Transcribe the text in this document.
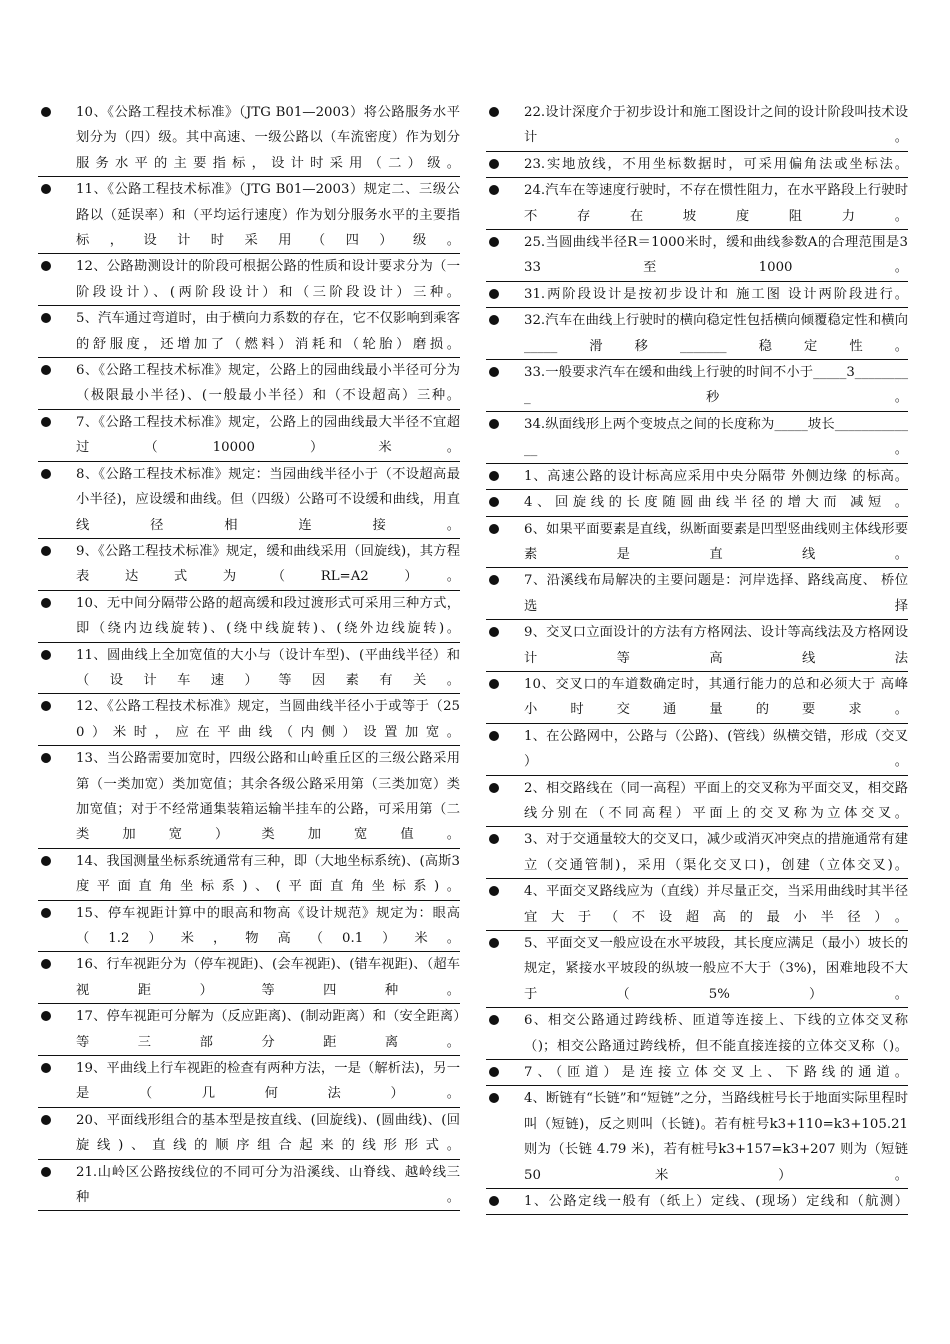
10、《公路工程技术标准》（JTG B01—2003）将公路服务水平划分为（四）级。其中高速、一级公路以（车流密度）作为划分服务水平的主要指标，设计时采用（二）级。
11、《公路工程技术标准》（JTG B01—2003）规定二、三级公路以（延误率）和（平均运行速度）作为划分服务水平的主要指标，设计时采用（四）级。
12、公路勘测设计的阶段可根据公路的性质和设计要求分为（一阶段设计）、(两阶段设计）和（三阶段设计）三种。
5、汽车通过弯道时，由于横向力系数的存在，它不仅影响到乘客的舒服度，还增加了（燃料）消耗和（轮胎）磨损。
6、《公路工程技术标准》规定，公路上的园曲线最小半径可分为（极限最小半径)、(一般最小半径）和（不设超高）三种。
7、《公路工程技术标准》规定，公路上的园曲线最大半径不宜超过（10000）米。
8、《公路工程技术标准》规定：当园曲线半径小于（不设超高最小半径)，应设缓和曲线。但（四级）公路可不设缓和曲线，用直线径相连接。
9、《公路工程技术标准》规定，缓和曲线采用（回旋线)，其方程表达式为（RL=A2）。
10、无中间分隔带公路的超高缓和段过渡形式可采用三种方式，即（绕内边线旋转)、(绕中线旋转)、(绕外边线旋转)。
11、圆曲线上全加宽值的大小与（设计车型)、(平曲线半径）和（设计车速）等因素有关。
12、《公路工程技术标准》规定，当圆曲线半径小于或等于（250）米时，应在平曲线（内侧）设置加宽。
13、当公路需要加宽时，四级公路和山岭重丘区的三级公路采用第（一类加宽）类加宽值；其余各级公路采用第（三类加宽）类加宽值；对于不经常通集装箱运输半挂车的公路，可采用第（二类加宽）类加宽值。
14、我国测量坐标系统通常有三种，即（大地坐标系统)、(高斯3度平面直角坐标系)、(平面直角坐标系)。
15、停车视距计算中的眼高和物高《设计规范》规定为：眼高（1.2）米，物高（0.1）米。
16、行车视距分为（停车视距)、(会车视距)、(错车视距)、（超车视距）等四种。
17、停车视距可分解为（反应距离)、(制动距离）和（安全距离）等三部分距离。
19、平曲线上行车视距的检查有两种方法，一是（解析法)，另一是（几何法）。
20、平面线形组合的基本型是按直线、(回旋线)、(圆曲线)、(回旋线)、直线的顺序组合起来的线形形式。
21.山岭区公路按线位的不同可分为沿溪线、山脊线、越岭线三种。
22.设计深度介于初步设计和施工图设计之间的设计阶段叫技术设计。
23.实地放线，不用坐标数据时，可采用偏角法或坐标法。
24.汽车在等速度行驶时，不存在惯性阻力，在水平路段上行驶时不存在坡度阻力。
25.当圆曲线半径R＝1000米时，缓和曲线参数A的合理范围是333至1000。
31.两阶段设计是按初步设计和 施工图 设计两阶段进行。
32.汽车在曲线上行驶时的横向稳定性包括横向倾覆稳定性和横向_____滑移_______稳定性。
33.一般要求汽车在缓和曲线上行驶的时间不小于_____3_________秒。
34.纵面线形上两个变坡点之间的长度称为_____坡长_____________。
1、高速公路的设计标高应采用中央分隔带 外侧边缘 的标高。
4、回旋线的长度随圆曲线半径的增大而 减短 。
6、如果平面要素是直线，纵断面要素是凹型竖曲线则主体线形要素是直线。
7、沿溪线布局解决的主要问题是：河岸选择、路线高度、 桥位选择
9、交叉口立面设计的方法有方格网法、设计等高线法及方格网设计等高线法
10、交叉口的车道数确定时，其通行能力的总和必须大于 高峰 小时交通量的要求。
1、在公路网中，公路与（公路)、(管线）纵横交错，形成（交叉 ）。
2、相交路线在（同一高程）平面上的交叉称为平面交叉，相交路线分别在（不同高程）平面上的交叉称为立体交叉。
3、对于交通量较大的交叉口，减少或消灭冲突点的措施通常有建立（交通管制)，采用（渠化交叉口)，创建（立体交叉)。
4、平面交叉路线应为（直线）并尽量正交，当采用曲线时其半径宜大于（不设超高的最小半径）。
5、平面交叉一般应设在水平坡段，其长度应满足（最小）坡长的规定，紧接水平坡段的纵坡一般应不大于（3%)，困难地段不大于（5%）。
6、相交公路通过跨线桥、匝道等连接上、下线的立体交叉称（)；相交公路通过跨线桥，但不能直接连接的立体交叉称（)。
7、（匝道）是连接立体交叉上、下路线的通道。
4、断链有“长链”和“短链”之分，当路线桩号长于地面实际里程时叫（短链)，反之则叫（长链)。若有桩号k3+110=k3+105.21 则为（长链 4.79 米)，若有桩号k3+157=k3+207 则为（短链 50 米）。
1、公路定线一般有（纸上）定线、(现场）定线和（航测）
